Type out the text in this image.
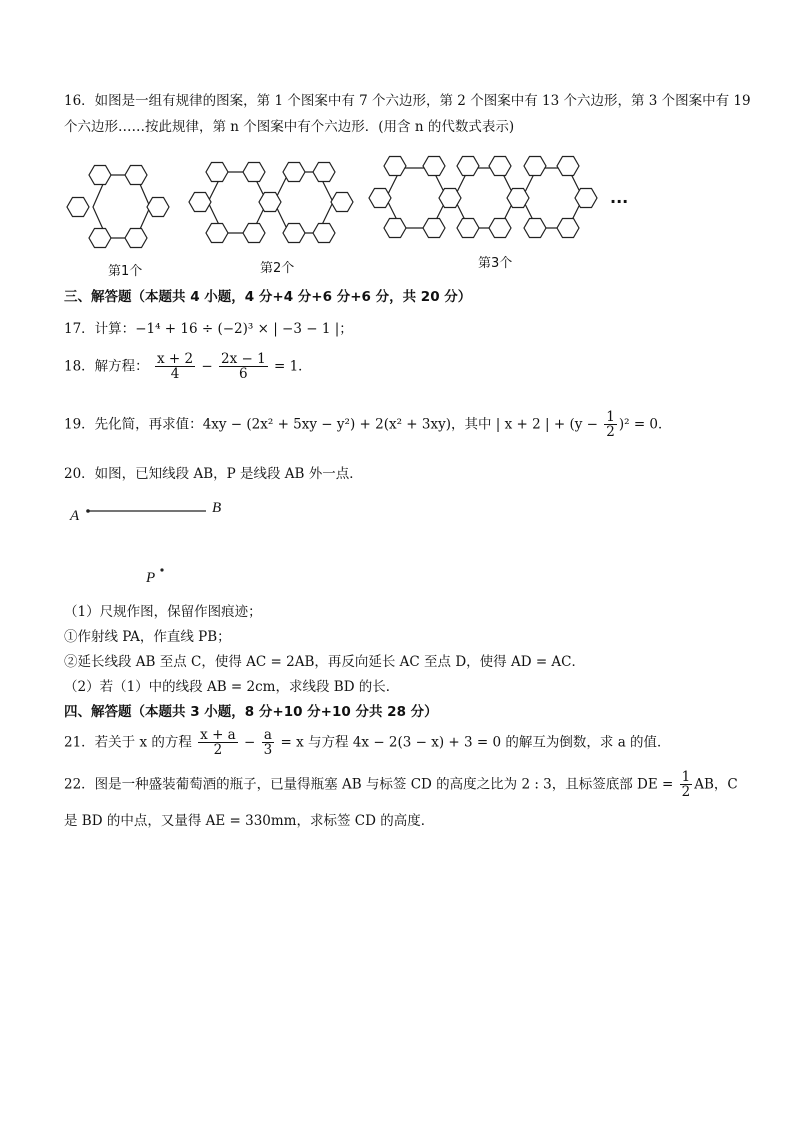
16．如图是一组有规律的图案，第 1 个图案中有 7 个六边形，第 2 个图案中有 13 个六边形，第 3 个图案中有 19
个六边形……按此规律，第 n 个图案中有个六边形．(用含 n 的代数式表示)
···
第1个	第2个	第3个
三、解答题（本题共 4 小题，4 分+4 分+6 分+6 分，共 20 分）
17．计算：−1⁴ + 16 ÷ (−2)³ × | −3 − 1 |；
18．解方程： $\frac{x + 2}{4} - \frac{2x - 1}{6} = 1$．
19．先化简，再求值：4xy − (2x² + 5xy − y²) + 2(x² + 3xy)，其中 | x + 2 | + $(y - \frac{1}{2} )^2 = 0$．
20．如图，已知线段 AB，P 是线段 AB 外一点．
A	B
P
（1）尺规作图，保留作图痕迹；
①作射线 PA，作直线 PB；
②延长线段 AB 至点 C，使得 AC = 2AB，再反向延长 AC 至点 D，使得 AD = AC．
（2）若（1）中的线段 AB = 2cm，求线段 BD 的长．
四、解答题（本题共 3 小题，8 分+10 分+10 分共 28 分）
21．若关于 x 的方程 $\frac{x + a}{2} - \frac{a}{3} = x$ 与方程 4x − 2(3 − x) + 3 = 0 的解互为倒数，求 a 的值．
22．图是一种盛装葡萄酒的瓶子，已量得瓶塞 AB 与标签 CD 的高度之比为 2 : 3，且标签底部 DE = $\frac{1}{2}$ AB，C
是 BD 的中点，又量得 AE = 330mm，求标签 CD 的高度．
